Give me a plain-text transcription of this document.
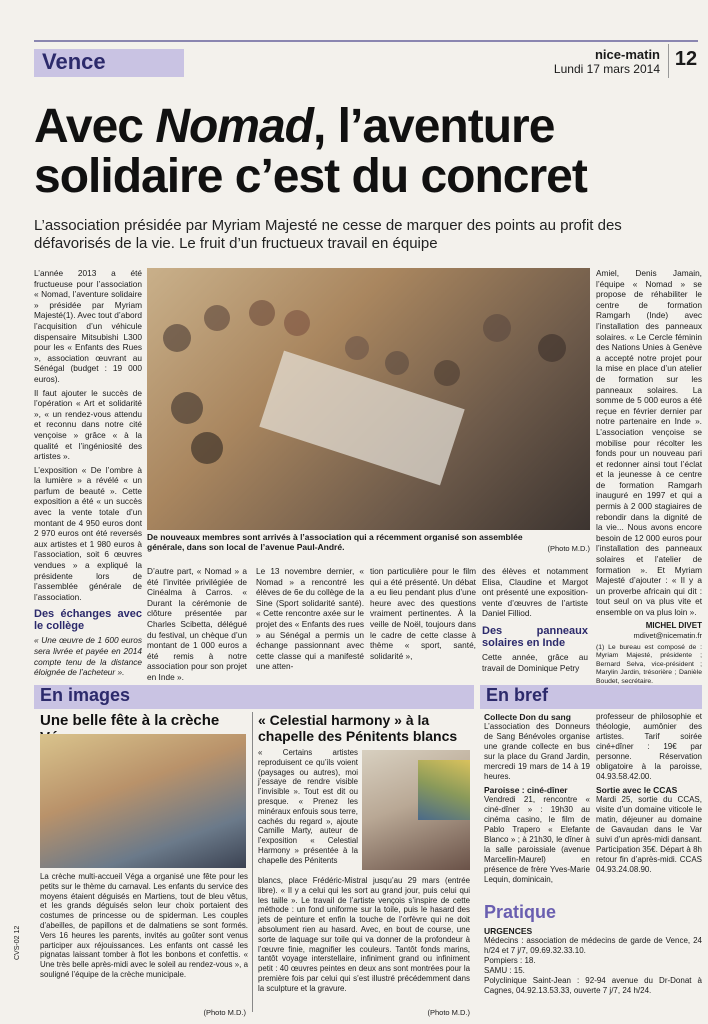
Vence	nice-matin
Lundi 17 mars 2014 12
Avec Nomad, l’aventure solidaire c’est du concret
L’association présidée par Myriam Majesté ne cesse de marquer des points au profit des défavorisés de la vie. Le fruit d’un fructueux travail en équipe

L’année 2013 a été fructueuse pour l’association « Nomad, l’aventure solidaire » présidée par Myriam Majesté(1). Avec tout d’abord l’acquisition d’un véhicule dispensaire Mitsubishi L300 pour les « Enfants des Rues », association œuvrant au Sénégal (budget : 19 000 euros).

Il faut ajouter le succès de l’opération « Art et solidarité », « un rendez-vous attendu et reconnu dans notre cité vençoise » grâce « à la qualité et l’ingéniosité des artistes ».

L’exposition « De l’ombre à la lumière » a révélé « un parfum de beauté ». Cette exposition a été « un succès avec la vente totale d’un montant de 4 950 euros dont 2 970 euros ont été reversés aux artistes et 1 980 euros à l’association, soit 6 œuvres vendues » a expliqué la présidente lors de l’assemblée générale de l’association.

Des échanges avec le collège

« Une œuvre de 1 600 euros sera livrée et payée en 2014 compte tenu de la distance éloignée de l’acheteur ».

De nouveaux membres sont arrivés à l’association qui a récemment organisé son assemblée générale, dans son local de l’avenue Paul-André.	(Photo M.D.)

D’autre part, « Nomad » a été l’invitée privilégiée de Cinéalma à Carros. « Durant la cérémonie de clôture présentée par Charles Scibetta, délégué du festival, un chèque d’un montant de 1 000 euros a été remis à notre association pour son projet en Inde ».

Le 13 novembre dernier, « Nomad » a rencontré les élèves de 6e du collège de la Sine (Sport solidarité santé). « Cette rencontre axée sur le projet des « Enfants des rues » au Sénégal a permis un échange passionnant avec cette classe qui a manifesté une atten-

tion particulière pour le film qui a été présenté. Un débat a eu lieu pendant plus d’une heure avec des questions vraiment pertinentes. À la veille de Noël, toujours dans le cadre de cette classe à thème « sport, santé, solidarité »,

des élèves et notamment Elisa, Claudine et Margot ont présenté une exposition-vente d’œuvres de l’artiste Daniel Filliod.

Des panneaux solaires en Inde

Cette année, grâce au travail de Dominique Petry

Amiel, Denis Jamain, l’équipe « Nomad » se propose de réhabiliter le centre de formation Ramgarh (Inde) avec l’installation des panneaux solaires. « Le Cercle féminin des Nations Unies à Genève a accepté notre projet pour la mise en place d’un atelier de formation sur les panneaux solaires. La somme de 5 000 euros a été reçue en février dernier par notre partenaire en Inde ». L’association vençoise se mobilise pour récolter les fonds pour un nouveau pari et redonner ainsi tout l’éclat et la jeunesse à ce centre de formation Ramgarh inauguré en 1997 et qui a permis à 2 000 stagiaires de rebondir dans la dignité de la vie... Nous avons encore besoin de 12 000 euros pour l’installation des panneaux solaires et l’atelier de formation ». Et Myriam Majesté d’ajouter : « Il y a un proverbe africain qui dit : tout seul on va plus vite et ensemble on va plus loin ».

MICHEL DIVET
mdivet@nicematin.fr
(1) Le bureau est composé de : Myriam Majesté, présidente ; Bernard Selva, vice-président ; Marylin Jardin, trésorière ; Danièle Boudet, secrétaire.
En images
Une belle fête à la crèche
La crèche multi-accueil Véga a organisé une fête pour les petits sur le thème du carnaval. Les enfants du service des moyens étaient déguisés en Martiens, tout de bleu vêtus, et les grands déguisés selon leur choix portaient des costumes de princesse ou de spiderman. Les couples d’abeilles, de papillons et de dalmatiens se sont formés. Vers 16 heures les parents, invités au goûter sont venus participer aux réjouissances. Les enfants ont cassé les pignatas laissant tomber à flot les bonbons et confettis. « Une très belle après-midi avec le soleil au rendez-vous », a souligné l’équipe de la crèche municipale.
(Photo M.D.)
« Celestial harmony » à la chapelle des Pénitents blancs
« Certains artistes reproduisent ce qu’ils voient (paysages ou autres), moi j’essaye de rendre visible l’invisible ». Tout est dit ou presque. « Prenez les minéraux enfouis sous terre, cachés du regard », ajoute Camille Marty, auteur de l’exposition « Celestial Harmony » présentée à la chapelle des Pénitents
blancs, place Frédéric-Mistral jusqu’au 29 mars (entrée libre). « Il y a celui qui les sort au grand jour, puis celui qui les taille ». Le travail de l’artiste vençois s’inspire de cette méthode : un fond uniforme sur la toile, puis le hasard des jets de peinture et enfin la touche de l’orfèvre qui ne doit absolument rien au hasard. Avec, en bout de course, une sorte de laquage sur toile qui va donner de la profondeur à l’œuvre finie, magnifier les couleurs. Tantôt fonds marins, tantôt voyage interstellaire, infiniment grand ou infiniment petit : 40 œuvres peintes en deux ans sont montrées pour la première fois par celui qui s’est illustré précédemment dans la sculpture et la gravure.
(Photo M.D.)
En bref
Collecte Don du sang

L’association des Donneurs de Sang Bénévoles organise une grande collecte en bus sur la place du Grand Jardin, mercredi 19 mars de 14 à 19 heures.

Paroisse : ciné-dîner

Vendredi 21, rencontre « ciné-dîner » : 19h30 au cinéma casino, le film de Pablo Trapero « Elefante Blanco » ; à 21h30, le dîner à la salle paroissiale (avenue Marcellin-Maurel) en présence de frère Yves-Marie Lequin, dominicain,

professeur de philosophie et théologie, aumônier des artistes. Tarif soirée ciné+dîner : 19€ par personne. Réservation obligatoire à la paroisse, 04.93.58.42.00.

Sortie avec le CCAS

Mardi 25, sortie du CCAS, visite d’un domaine viticole le matin, déjeuner au domaine de Gavaudan dans le Var suivi d’un après-midi dansant. Participation 35€. Départ à 8h retour fin d’après-midi. CCAS 04.93.24.08.90.

Pratique
URGENCES
Médecins : association de médecins de garde de Vence, 24 h/24 et 7 j/7, 09.69.32.33.10.
Pompiers : 18.
SAMU : 15.
Polyclinique Saint-Jean : 92-94 avenue du Dr-Donat à Cagnes, 04.92.13.53.33, ouverte 7 j/7, 24 h/24.
CVS-02 12
